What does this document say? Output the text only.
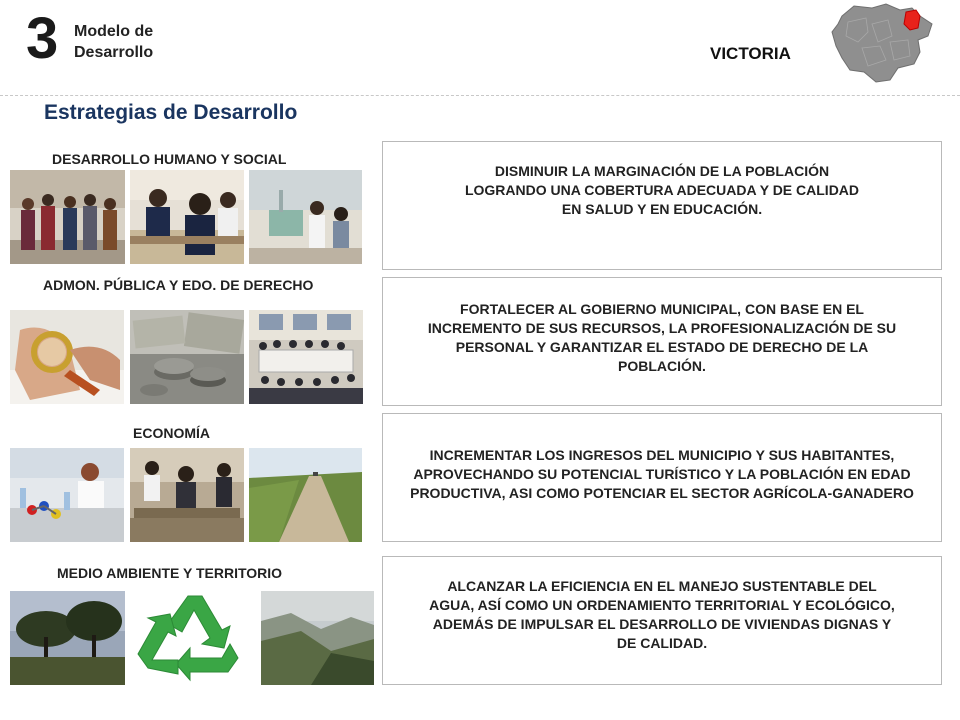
3 Modelo de
Desarrollo	VICTORIA
Estrategias de Desarrollo
DESARROLLO HUMANO Y SOCIAL
DISMINUIR LA MARGINACIÓN DE LA POBLACIÓN LOGRANDO UNA COBERTURA ADECUADA Y DE CALIDAD EN SALUD Y EN EDUCACIÓN.
ADMON. PÚBLICA Y EDO. DE DERECHO
FORTALECER AL GOBIERNO MUNICIPAL, CON BASE EN EL INCREMENTO DE SUS RECURSOS, LA PROFESIONALIZACIÓN DE SU PERSONAL Y GARANTIZAR EL ESTADO DE DERECHO DE LA POBLACIÓN.
ECONOMÍA
INCREMENTAR LOS INGRESOS DEL MUNICIPIO Y SUS HABITANTES, APROVECHANDO SU POTENCIAL TURÍSTICO Y LA POBLACIÓN EN EDAD PRODUCTIVA, ASI COMO POTENCIAR EL SECTOR AGRÍCOLA-GANADERO
MEDIO AMBIENTE Y TERRITORIO
ALCANZAR LA EFICIENCIA EN EL MANEJO SUSTENTABLE DEL AGUA, ASÍ COMO UN ORDENAMIENTO TERRITORIAL Y ECOLÓGICO, ADEMÁS DE IMPULSAR EL DESARROLLO DE VIVIENDAS DIGNAS Y DE CALIDAD.
